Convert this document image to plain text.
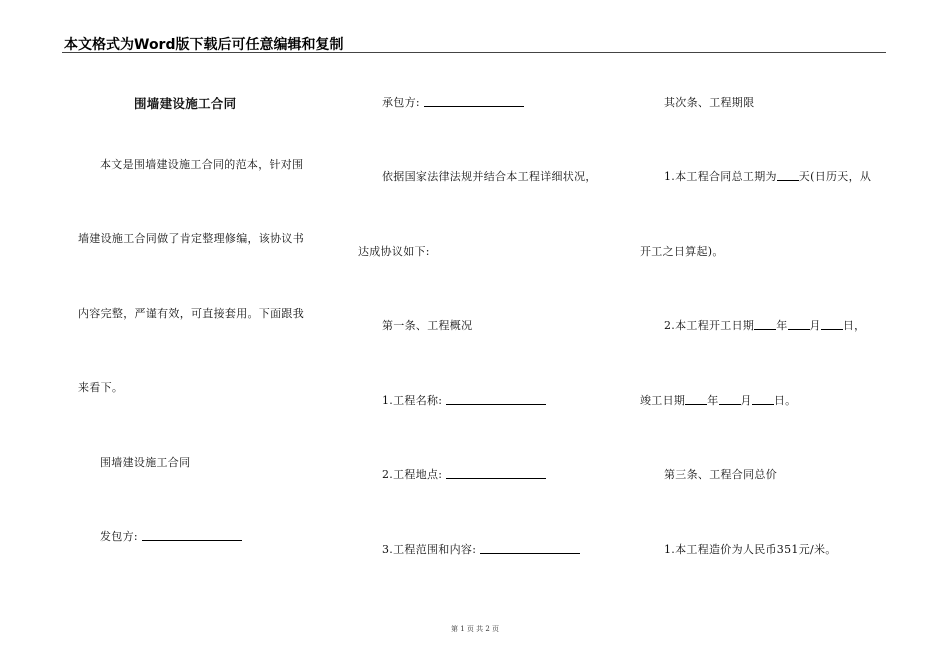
本文格式为Word版下载后可任意编辑和复制
围墙建设施工合同
本文是围墙建设施工合同的范本，针对围
墙建设施工合同做了肯定整理修编，该协议书
内容完整，严谨有效，可直接套用。下面跟我
来看下。
围墙建设施工合同
发包方:
承包方:
依据国家法律法规并结合本工程详细状况，
达成协议如下:
第一条、工程概况
1.工程名称:
2.工程地点:
3.工程范围和内容:
其次条、工程期限
1.本工程合同总工期为 天(日历天，从
开工之日算起)。
2.本工程开工日期 年 月 日，
竣工日期 年 月 日。
第三条、工程合同总价
1.本工程造价为人民币351元/米。
第 1 页 共 2 页
